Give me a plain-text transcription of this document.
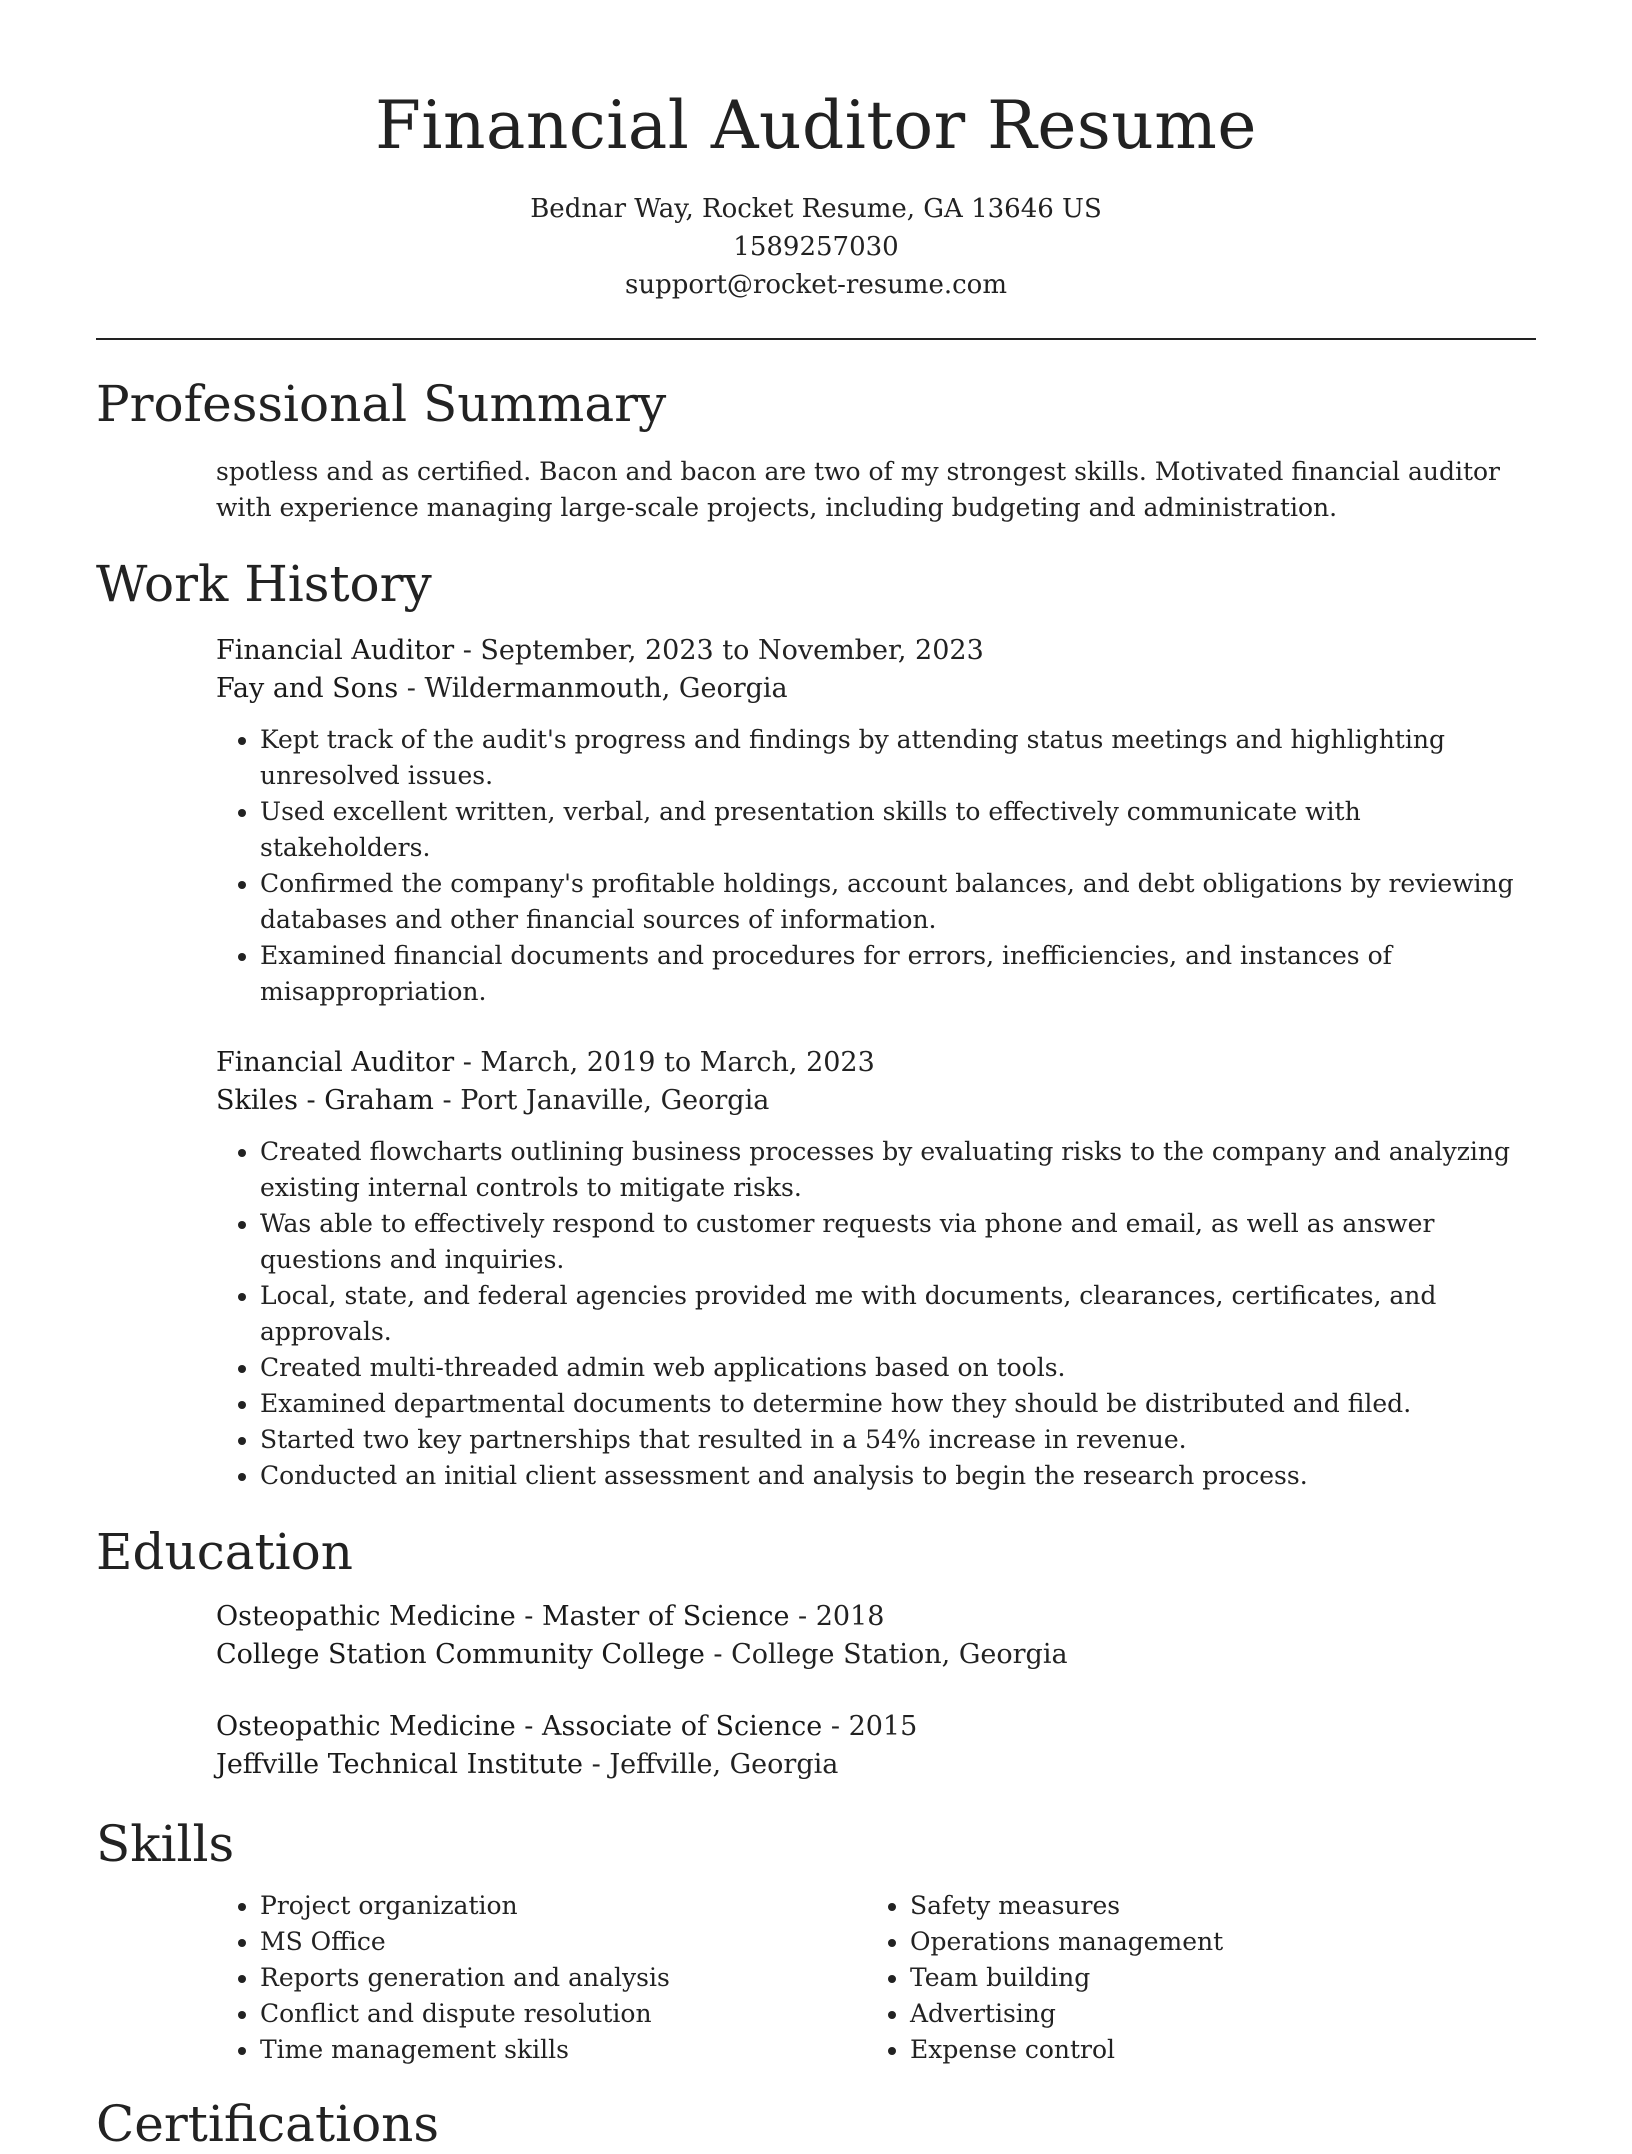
Financial Auditor Resume
Bednar Way, Rocket Resume, GA 13646 US
1589257030
support@rocket-resume.com
Professional Summary

spotless and as certified. Bacon and bacon are two of my strongest skills. Motivated financial auditor with experience managing large-scale projects, including budgeting and administration.

Work History
Financial Auditor - September, 2023 to November, 2023
Fay and Sons - Wildermanmouth, Georgia
• Kept track of the audit's progress and findings by attending status meetings and highlighting unresolved issues.
• Used excellent written, verbal, and presentation skills to effectively communicate with stakeholders.
• Confirmed the company's profitable holdings, account balances, and debt obligations by reviewing databases and other financial sources of information.
• Examined financial documents and procedures for errors, inefficiencies, and instances of misappropriation.
Financial Auditor - March, 2019 to March, 2023
Skiles - Graham - Port Janaville, Georgia
• Created flowcharts outlining business processes by evaluating risks to the company and analyzing existing internal controls to mitigate risks.
• Was able to effectively respond to customer requests via phone and email, as well as answer questions and inquiries.
• Local, state, and federal agencies provided me with documents, clearances, certificates, and approvals.
• Created multi-threaded admin web applications based on tools.
• Examined departmental documents to determine how they should be distributed and filed.
• Started two key partnerships that resulted in a 54% increase in revenue.
• Conducted an initial client assessment and analysis to begin the research process.
Education
Osteopathic Medicine - Master of Science - 2018
College Station Community College - College Station, Georgia
Osteopathic Medicine - Associate of Science - 2015
Jeffville Technical Institute - Jeffville, Georgia
Skills
• Project organization
• MS Office
• Reports generation and analysis
• Conflict and dispute resolution
• Time management skills
• Safety measures
• Operations management
• Team building
• Advertising
• Expense control
Certifications
